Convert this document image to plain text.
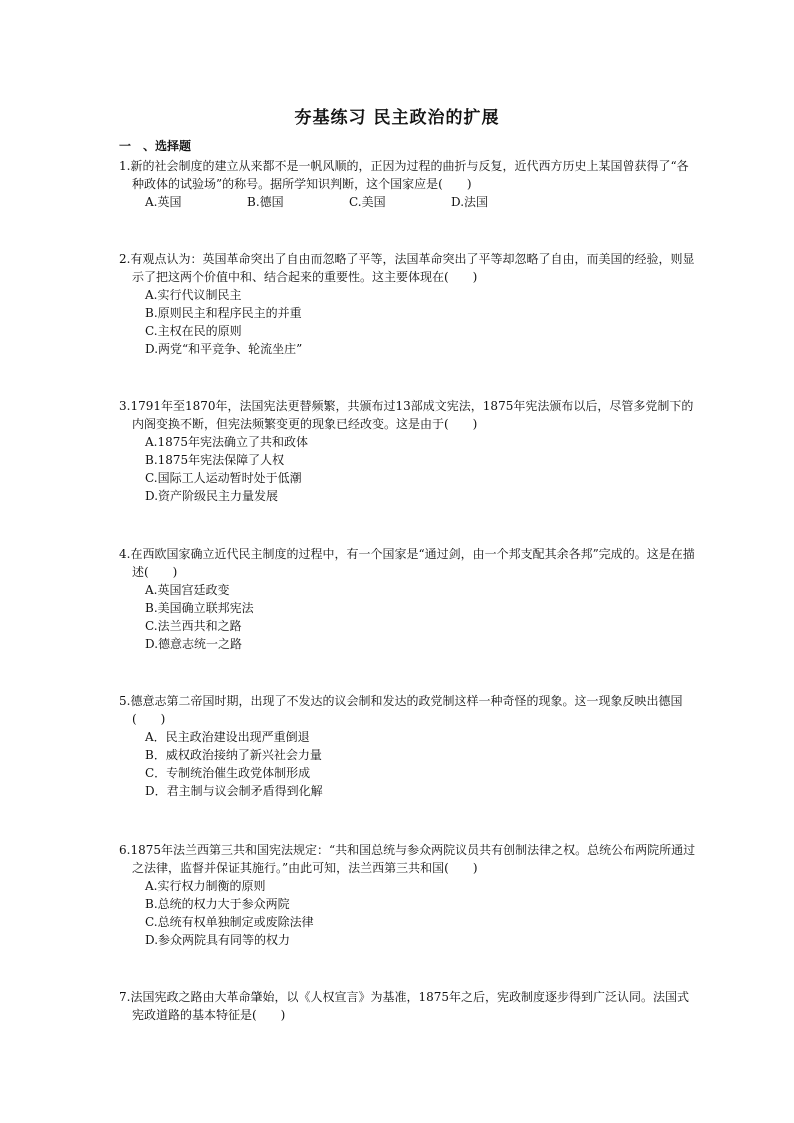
夯基练习 民主政治的扩展
一　、选择题
1.新的社会制度的建立从来都不是一帆风顺的，正因为过程的曲折与反复，近代西方历史上某国曾获得了“各种政体的试验场”的称号。据所学知识判断，这个国家应是(　　)
A.英国	B.德国	C.美国	D.法国
2.有观点认为：英国革命突出了自由而忽略了平等，法国革命突出了平等却忽略了自由，而美国的经验，则显示了把这两个价值中和、结合起来的重要性。这主要体现在(　　)
A.实行代议制民主
B.原则民主和程序民主的并重
C.主权在民的原则
D.两党“和平竞争、轮流坐庄”
3.1791年至1870年，法国宪法更替频繁，共颁布过13部成文宪法，1875年宪法颁布以后，尽管多党制下的内阁变换不断，但宪法频繁变更的现象已经改变。这是由于(　　)
A.1875年宪法确立了共和政体
B.1875年宪法保障了人权
C.国际工人运动暂时处于低潮
D.资产阶级民主力量发展
4.在西欧国家确立近代民主制度的过程中，有一个国家是“通过剑，由一个邦支配其余各邦”完成的。这是在描述(　　)
A.英国宫廷政变
B.美国确立联邦宪法
C.法兰西共和之路
D.德意志统一之路
5.德意志第二帝国时期，出现了不发达的议会制和发达的政党制这样一种奇怪的现象。这一现象反映出德国(　　)
A．民主政治建设出现严重倒退
B．威权政治接纳了新兴社会力量
C．专制统治催生政党体制形成
D．君主制与议会制矛盾得到化解
6.1875年法兰西第三共和国宪法规定：“共和国总统与参众两院议员共有创制法律之权。总统公布两院所通过之法律，监督并保证其施行。”由此可知，法兰西第三共和国(　　)
A.实行权力制衡的原则
B.总统的权力大于参众两院
C.总统有权单独制定或废除法律
D.参众两院具有同等的权力
7.法国宪政之路由大革命肇始，以《人权宣言》为基准，1875年之后，宪政制度逐步得到广泛认同。法国式宪政道路的基本特征是(　　)
